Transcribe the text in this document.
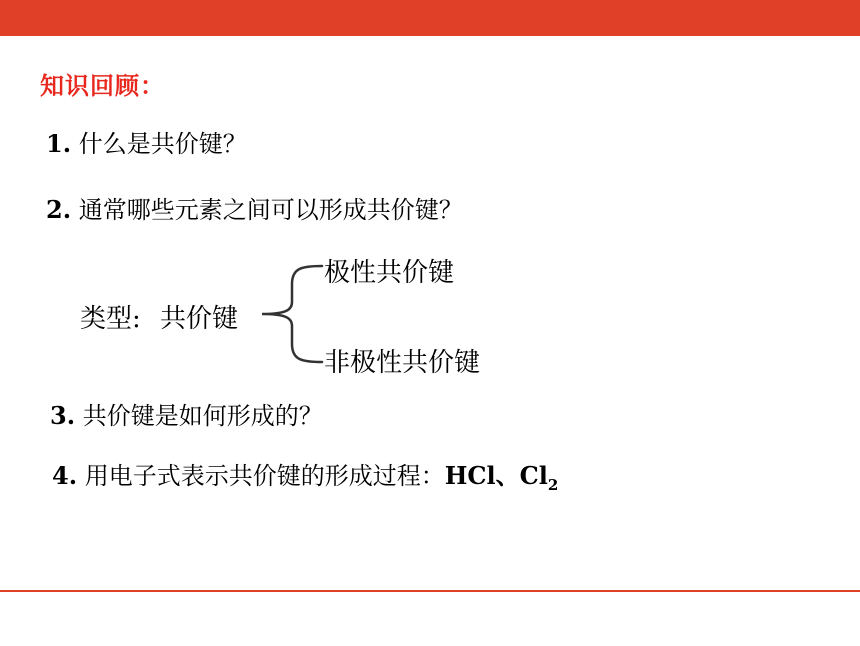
知识回顾：
1. 什么是共价键？
2. 通常哪些元素之间可以形成共价键？
类型: 共价键
极性共价键
非极性共价键
3. 共价键是如何形成的？
4. 用电子式表示共价键的形成过程：HCl、$Cl_2$
